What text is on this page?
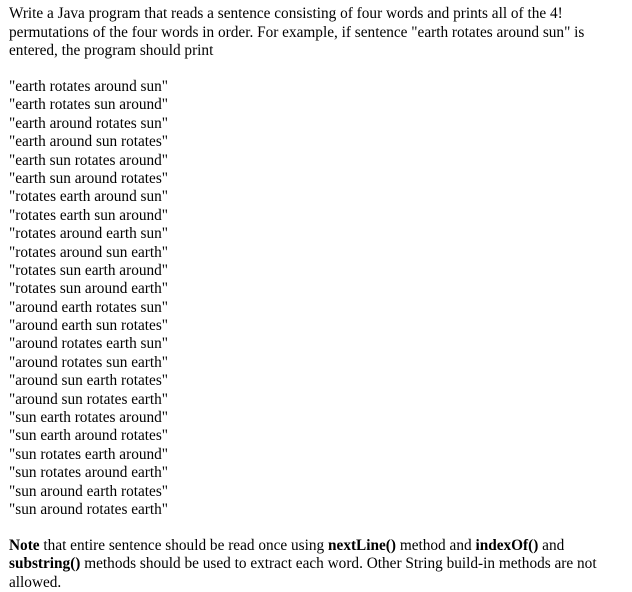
Write a Java program that reads a sentence consisting of four words and prints all of the 4! permutations of the four words in order. For example, if sentence "earth rotates around sun" is entered, the program should print

"earth rotates around sun"
"earth rotates sun around"
"earth around rotates sun"
"earth around sun rotates"
"earth sun rotates around"
"earth sun around rotates"
"rotates earth around sun"
"rotates earth sun around"
"rotates around earth sun"
"rotates around sun earth"
"rotates sun earth around"
"rotates sun around earth"
"around earth rotates sun"
"around earth sun rotates"
"around rotates earth sun"
"around rotates sun earth"
"around sun earth rotates"
"around sun rotates earth"
"sun earth rotates around"
"sun earth around rotates"
"sun rotates earth around"
"sun rotates around earth"
"sun around earth rotates"
"sun around rotates earth"

Note that entire sentence should be read once using nextLine() method and indexOf() and substring() methods should be used to extract each word. Other String build-in methods are not allowed.
